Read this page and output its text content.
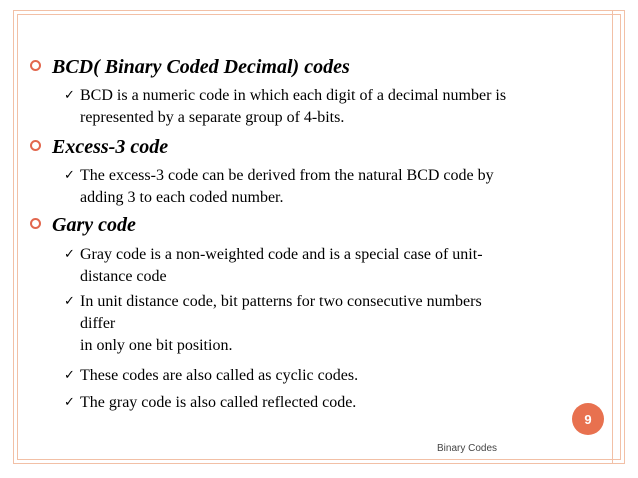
BCD( Binary Coded Decimal) codes
✓ BCD is a numeric code in which each digit of a decimal number is
represented by a separate group of 4-bits.
Excess-3 code
✓ The excess-3 code can be derived from the natural BCD code by
adding 3 to each coded number.
Gary code
✓ Gray code is a non-weighted code and is a special case of unit-
distance code
✓ In unit distance code, bit patterns for two consecutive numbers
differ
in only one bit position.
✓ These codes are also called as cyclic codes.
✓ The gray code is also called reflected code.
9
Binary Codes
